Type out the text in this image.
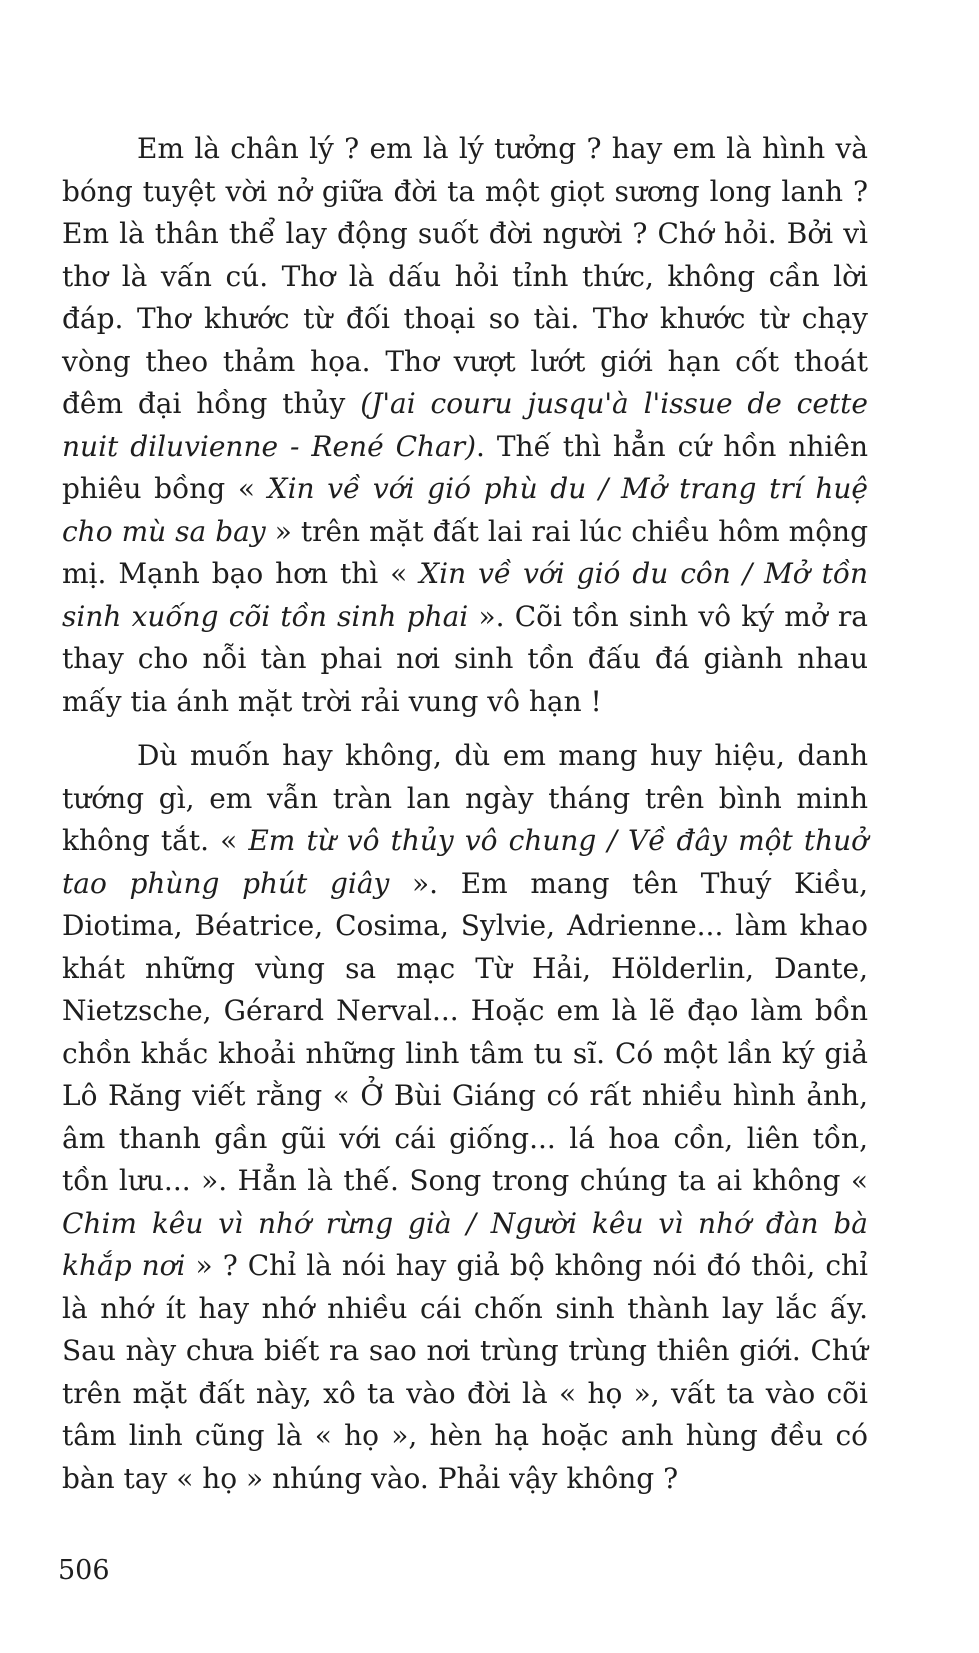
Em là chân lý ? em là lý tưởng ? hay em là hình và bóng tuyệt vời nở giữa đời ta một giọt sương long lanh ? Em là thân thể lay động suốt đời người ? Chớ hỏi. Bởi vì thơ là vấn cú. Thơ là dấu hỏi tỉnh thức, không cần lời đáp. Thơ khước từ đối thoại so tài. Thơ khước từ chạy vòng theo thảm họa. Thơ vượt lướt giới hạn cốt thoát đêm đại hồng thủy (J'ai couru jusqu'à l'issue de cette nuit diluvienne - René Char). Thế thì hẳn cứ hồn nhiên phiêu bồng « Xin về với gió phù du / Mở trang trí huệ cho mù sa bay » trên mặt đất lai rai lúc chiều hôm mộng mị. Mạnh bạo hơn thì « Xin về với gió du côn / Mở tồn sinh xuống cõi tồn sinh phai ». Cõi tồn sinh vô ký mở ra thay cho nỗi tàn phai nơi sinh tồn đấu đá giành nhau mấy tia ánh mặt trời rải vung vô hạn !

Dù muốn hay không, dù em mang huy hiệu, danh tướng gì, em vẫn tràn lan ngày tháng trên bình minh không tắt. « Em từ vô thủy vô chung / Về đây một thuở tao phùng phút giây ». Em mang tên Thuý Kiều, Diotima, Béatrice, Cosima, Sylvie, Adrienne... làm khao khát những vùng sa mạc Từ Hải, Hölderlin, Dante, Nietzsche, Gérard Nerval... Hoặc em là lẽ đạo làm bồn chồn khắc khoải những linh tâm tu sĩ. Có một lần ký giả Lô Răng viết rằng « Ở Bùi Giáng có rất nhiều hình ảnh, âm thanh gần gũi với cái giống... lá hoa cồn, liên tồn, tồn lưu... ». Hẳn là thế. Song trong chúng ta ai không « Chim kêu vì nhớ rừng già / Người kêu vì nhớ đàn bà khắp nơi » ? Chỉ là nói hay giả bộ không nói đó thôi, chỉ là nhớ ít hay nhớ nhiều cái chốn sinh thành lay lắc ấy. Sau này chưa biết ra sao nơi trùng trùng thiên giới. Chứ trên mặt đất này, xô ta vào đời là « họ », vất ta vào cõi tâm linh cũng là « họ », hèn hạ hoặc anh hùng đều có bàn tay « họ » nhúng vào. Phải vậy không ?

506
